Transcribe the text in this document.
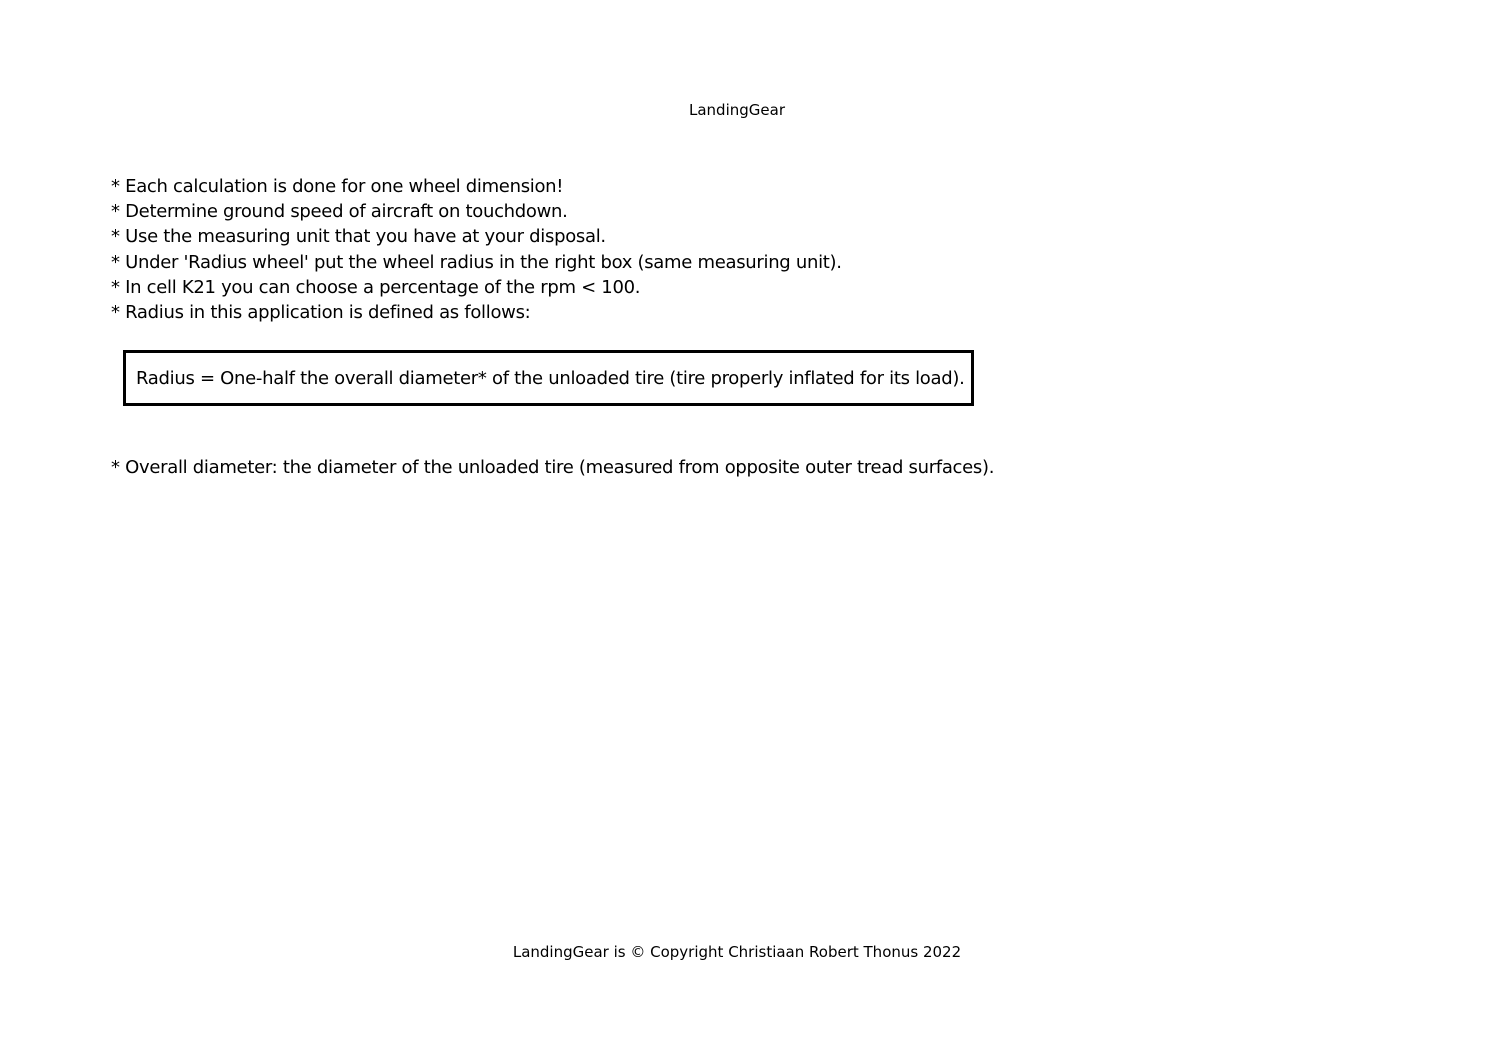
LandingGear
* Each calculation is done for one wheel dimension!
* Determine ground speed of aircraft on touchdown.
* Use the measuring unit that you have at your disposal.
* Under 'Radius wheel' put the wheel radius in the right box (same measuring unit).
* In cell K21 you can choose a percentage of the rpm < 100.
* Radius in this application is defined as follows:
Radius = One-half the overall diameter* of the unloaded tire (tire properly inflated for its load).
* Overall diameter: the diameter of the unloaded tire (measured from opposite outer tread surfaces).
LandingGear is © Copyright Christiaan Robert Thonus 2022
